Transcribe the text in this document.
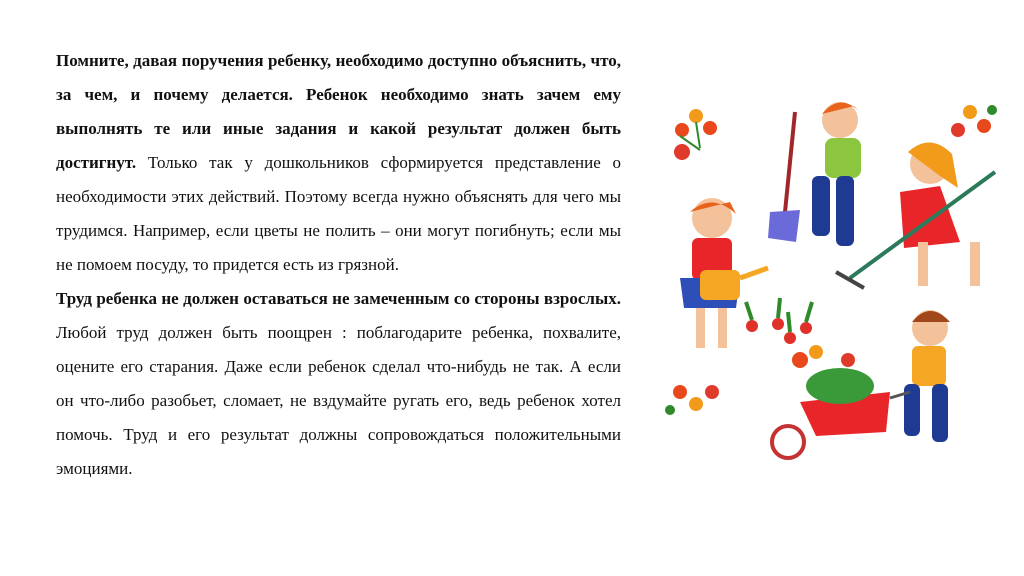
Помните, давая поручения ребенку, необходимо доступно объяснить, что, за чем, и почему делается. Ребенок необходимо знать зачем ему выполнять те или иные задания и какой результат должен быть достигнут. Только так у дошкольников сформируется представление о необходимости этих действий. Поэтому всегда нужно объяснять для чего мы трудимся. Например, если цветы не полить – они могут погибнуть; если мы не помоем посуду, то придется есть из грязной.

Труд ребенка не должен оставаться не замеченным со стороны взрослых. Любой труд должен быть поощрен : поблагодарите ребенка, похвалите, оцените его старания. Даже если ребенок сделал что-нибудь не так. А если он что-либо разобьет, сломает, не вздумайте ругать его, ведь ребенок хотел помочь. Труд и его результат должны сопровождаться положительными эмоциями.
